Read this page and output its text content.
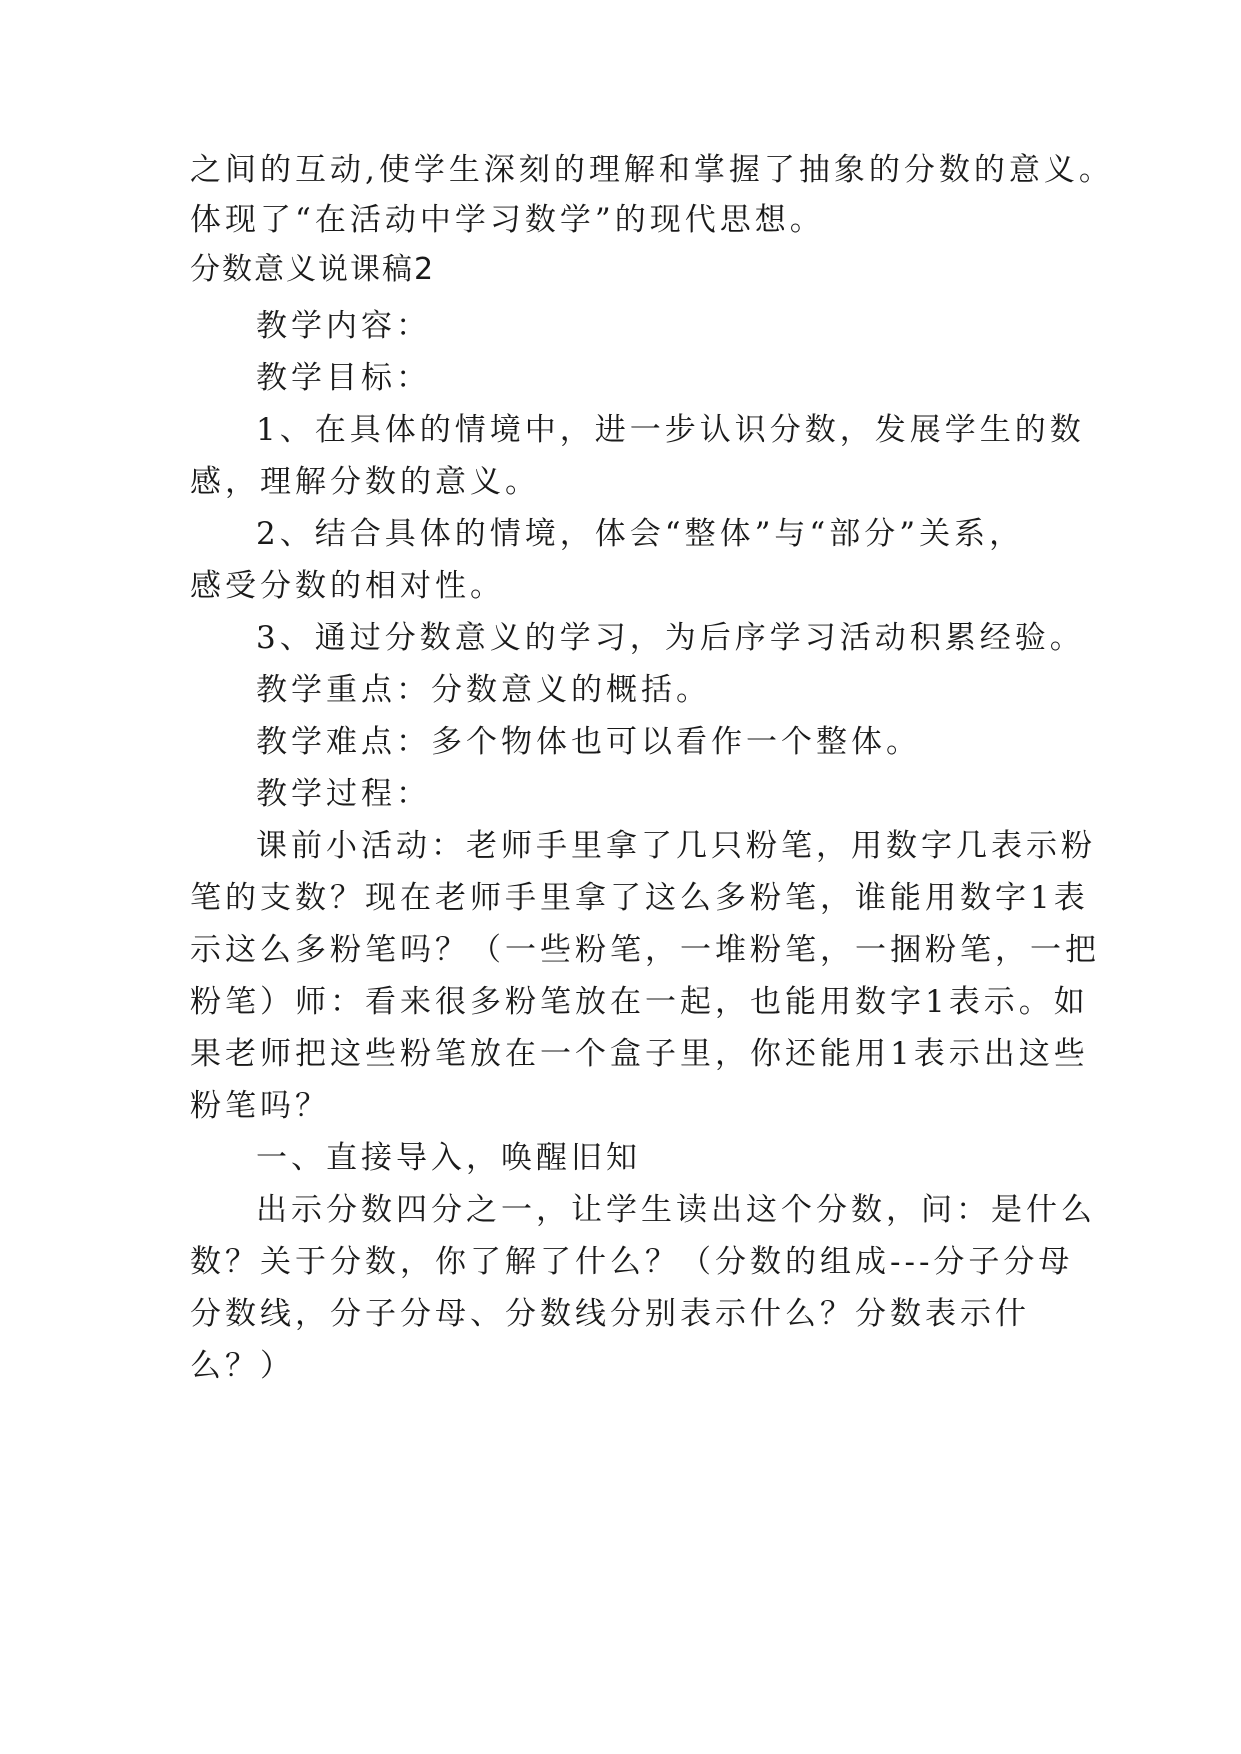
之间的互动,使学生深刻的理解和掌握了抽象的分数的意义。
体现了“在活动中学习数学”的现代思想。
分数意义说课稿2
教学内容：
教学目标：
1、在具体的情境中，进一步认识分数，发展学生的数
感，理解分数的意义。
2、结合具体的情境，体会“整体”与“部分”关系，
感受分数的相对性。
3、通过分数意义的学习，为后序学习活动积累经验。
教学重点：分数意义的概括。
教学难点：多个物体也可以看作一个整体。
教学过程：
课前小活动：老师手里拿了几只粉笔，用数字几表示粉
笔的支数？现在老师手里拿了这么多粉笔，谁能用数字1表
示这么多粉笔吗？（一些粉笔，一堆粉笔，一捆粉笔，一把
粉笔）师：看来很多粉笔放在一起，也能用数字1表示。如
果老师把这些粉笔放在一个盒子里，你还能用1表示出这些
粉笔吗？
一、直接导入，唤醒旧知
出示分数四分之一，让学生读出这个分数，问：是什么
数？关于分数，你了解了什么？（分数的组成---分子分母
分数线，分子分母、分数线分别表示什么？分数表示什
么？）
